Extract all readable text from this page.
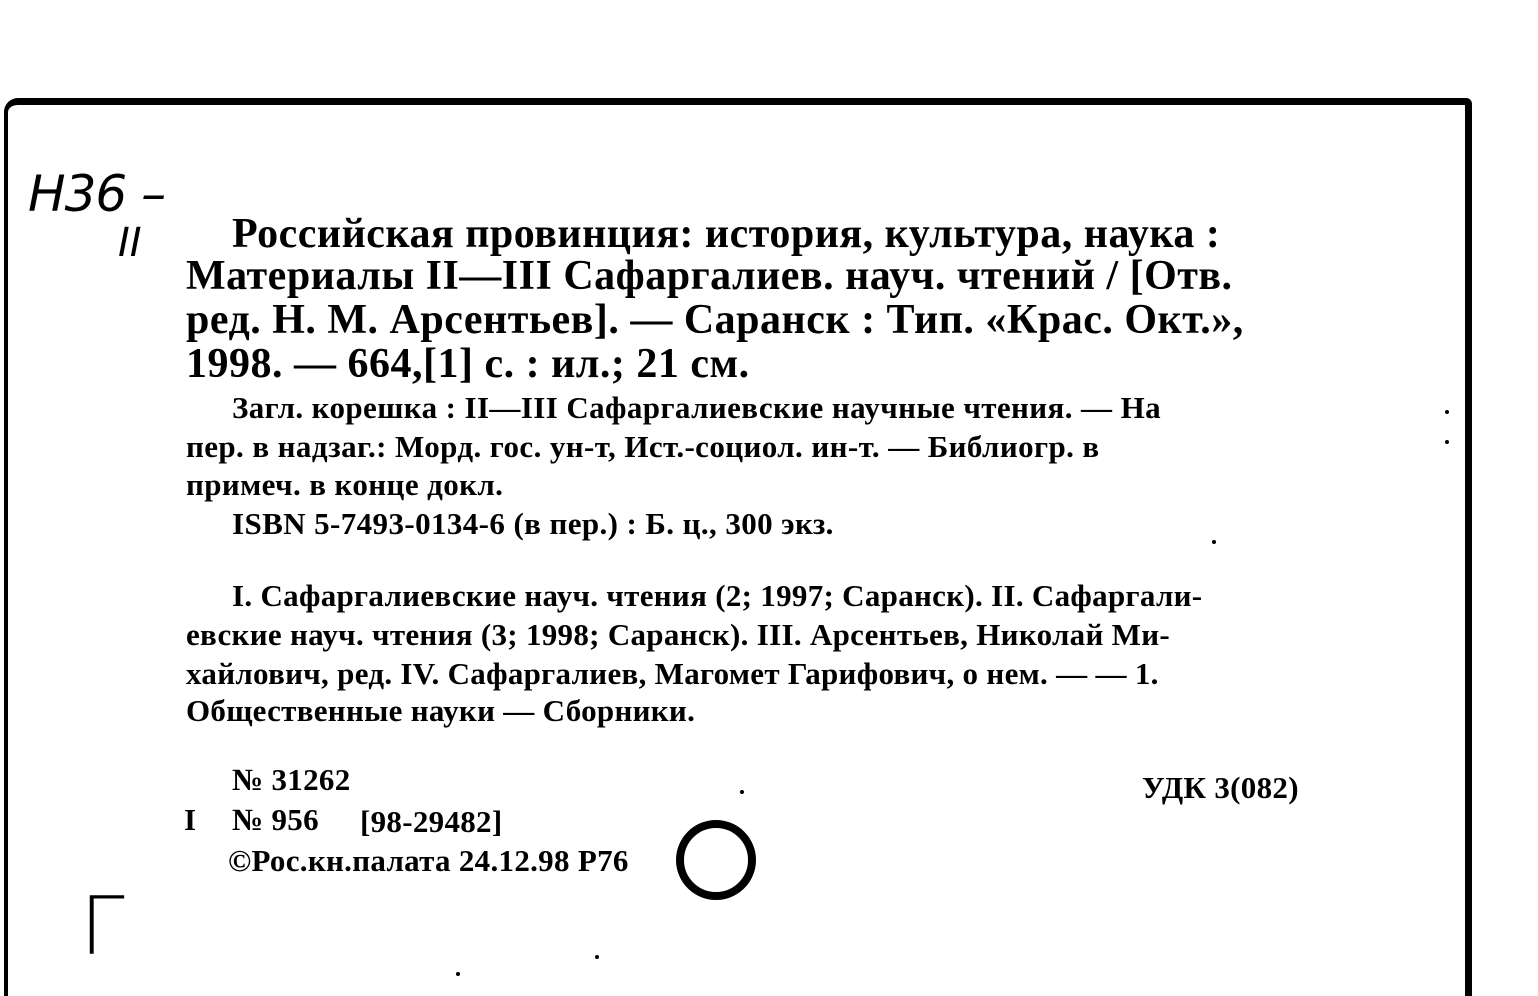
Н36 –
II Российская провинция: история, культура, наука :
Материалы II—III Сафаргалиев. науч. чтений / [Отв.
ред. Н. М. Арсентьев]. — Саранск : Тип. «Крас. Окт.»,
1998. — 664,[1] с. : ил.; 21 см.
Загл. корешка : II—III Сафаргалиевские научные чтения. — На
пер. в надзаг.: Морд. гос. ун-т, Ист.-социол. ин-т. — Библиогр. в
примеч. в конце докл.
ISBN 5-7493-0134-6 (в пер.) : Б. ц., 300 экз.
I. Сафаргалиевские науч. чтения (2; 1997; Саранск). II. Сафаргали-
евские науч. чтения (3; 1998; Саранск). III. Арсентьев, Николай Ми-
хайлович, ред. IV. Сафаргалиев, Магомет Гарифович, о нем. — — 1.
Общественные науки — Сборники.
№ 31262	УДК 3(082)
I № 956 [98-29482]
©Рос.кн.палата 24.12.98 Р76
Г
